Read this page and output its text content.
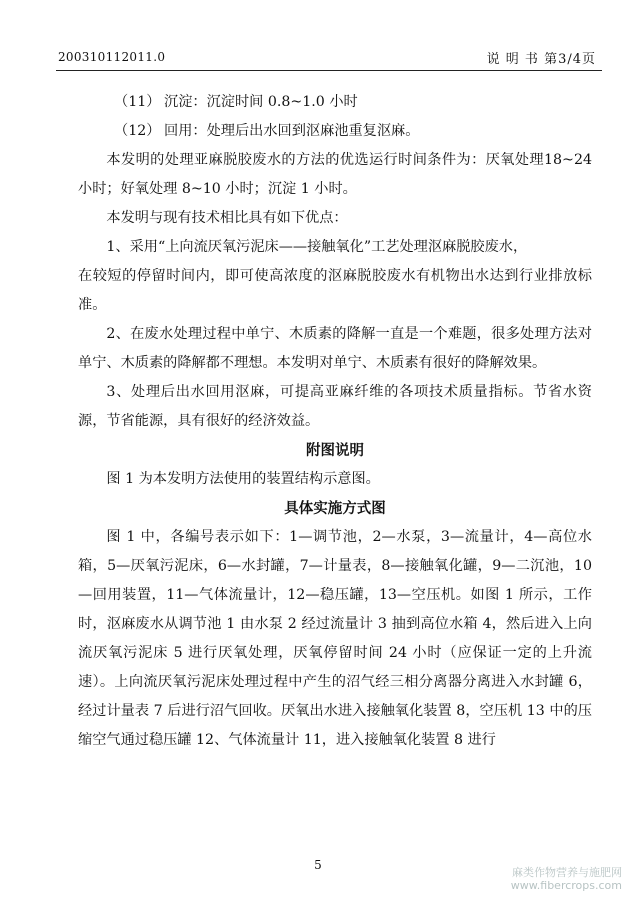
200310112011.0	说 明 书 第3/4页

（11） 沉淀：沉淀时间 0.8~1.0 小时

（12） 回用：处理后出水回到沤麻池重复沤麻。

本发明的处理亚麻脱胶废水的方法的优选运行时间条件为：厌氧处理18~24 小时；好氧处理 8~10 小时；沉淀 1 小时。

本发明与现有技术相比具有如下优点：

1、采用“上向流厌氧污泥床——接触氧化”工艺处理沤麻脱胶废水，

在较短的停留时间内，即可使高浓度的沤麻脱胶废水有机物出水达到行业排放标准。

2、在废水处理过程中单宁、木质素的降解一直是一个难题，很多处理方法对单宁、木质素的降解都不理想。本发明对单宁、木质素有很好的降解效果。

3、处理后出水回用沤麻，可提高亚麻纤维的各项技术质量指标。节省水资源，节省能源，具有很好的经济效益。

附图说明

图 1 为本发明方法使用的装置结构示意图。

具体实施方式图

图 1 中，各编号表示如下：1—调节池，2—水泵，3—流量计，4—高位水箱，5—厌氧污泥床，6—水封罐，7—计量表，8—接触氧化罐，9—二沉池，10—回用装置，11—气体流量计，12—稳压罐，13—空压机。如图 1 所示，工作时，沤麻废水从调节池 1 由水泵 2 经过流量计 3 抽到高位水箱 4，然后进入上向流厌氧污泥床 5 进行厌氧处理，厌氧停留时间 24 小时（应保证一定的上升流速）。上向流厌氧污泥床处理过程中产生的沼气经三相分离器分离进入水封罐 6，经过计量表 7 后进行沼气回收。厌氧出水进入接触氧化装置 8，空压机 13 中的压缩空气通过稳压罐 12、气体流量计 11，进入接触氧化装置 8 进行

5
麻类作物营养与施肥网
www.fibercrops.com
